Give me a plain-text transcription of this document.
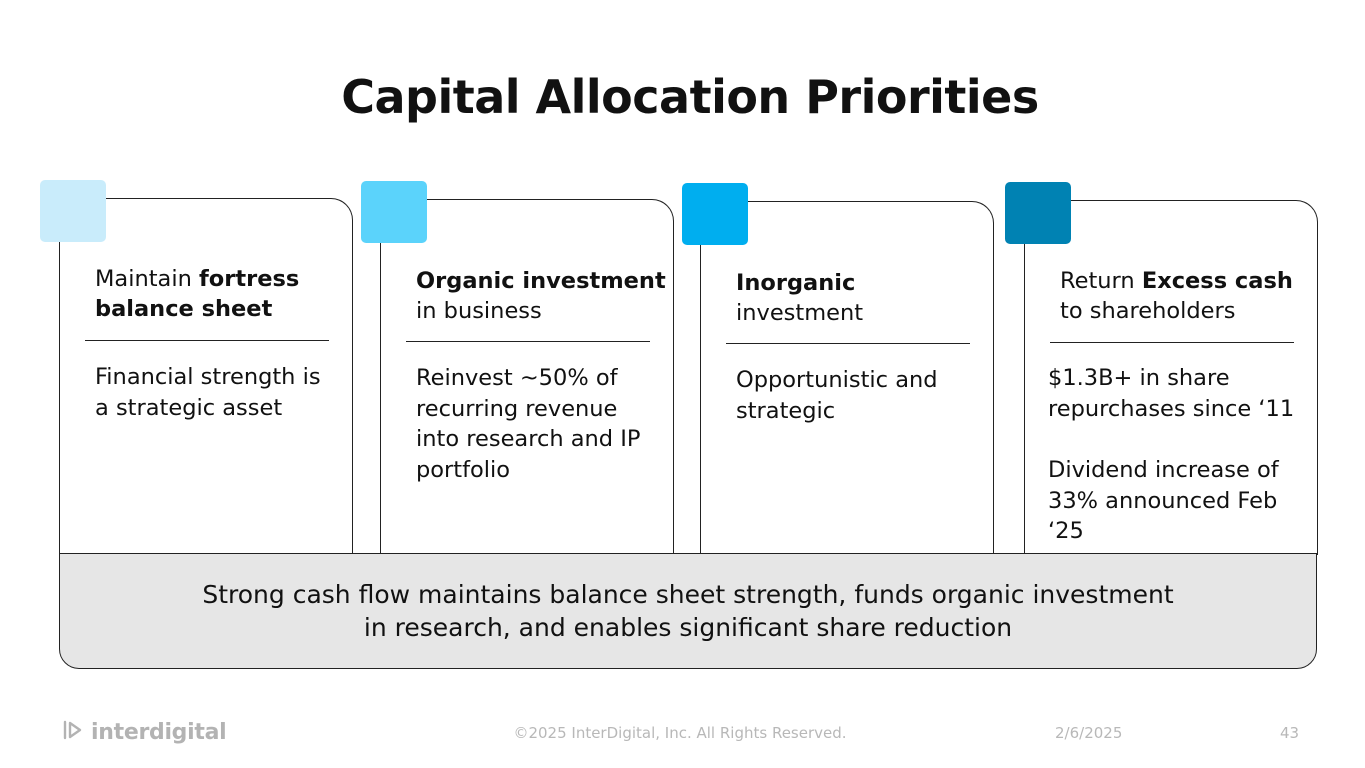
Capital Allocation Priorities
Maintain fortress balance sheet

Financial strength is a strategic asset

Organic investment in business

Reinvest ~50% of recurring revenue into research and IP portfolio

Inorganic investment

Opportunistic and strategic

Return Excess cash to shareholders

$1.3B+ in share repurchases since ‘11

Dividend increase of 33% announced Feb ‘25

Strong cash flow maintains balance sheet strength, funds organic investment in research, and enables significant share reduction
interdigital	©2025 InterDigital, Inc. All Rights Reserved.	2/6/2025	43
